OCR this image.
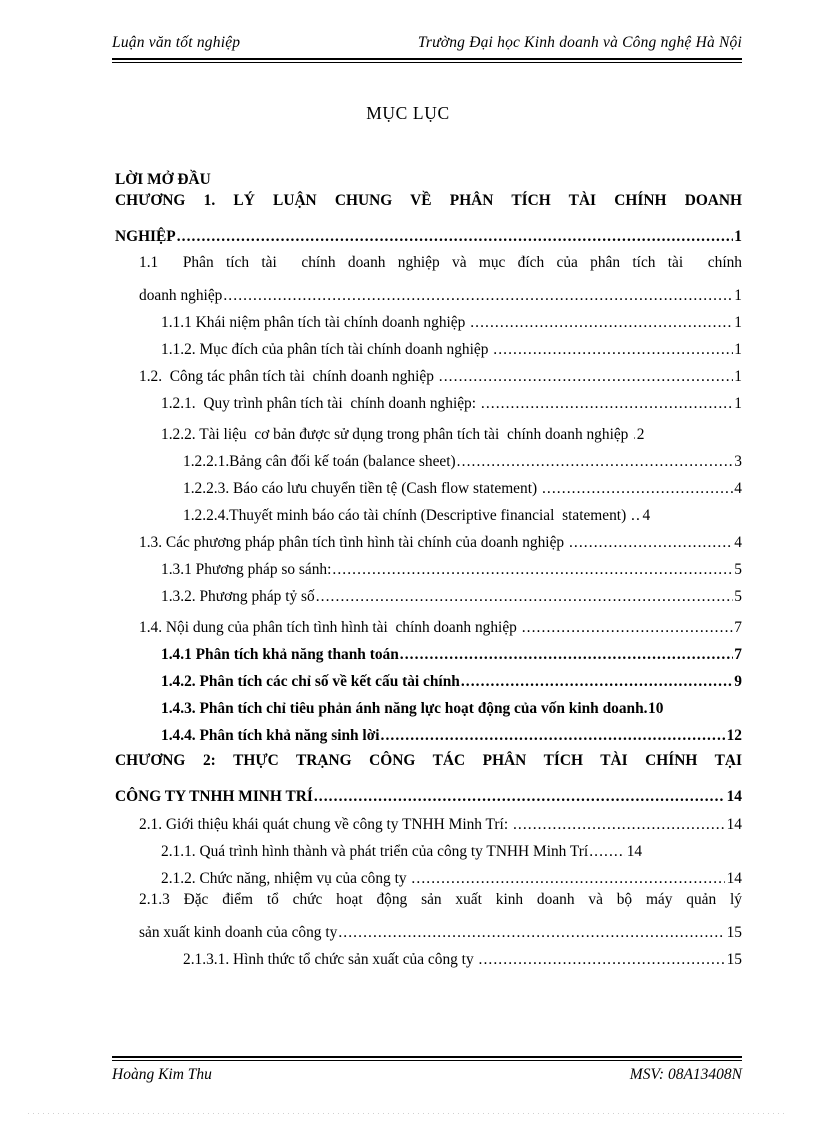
Luận văn tốt nghiệp	Trường Đại học Kinh doanh và Công nghệ Hà Nội
MỤC LỤC
LỜI MỞ ĐẦU
CHƯƠNG 1. LÝ LUẬN CHUNG VỀ PHÂN TÍCH TÀI CHÍNH DOANH
NGHIỆP .....	1
1.1  Phân tích tài  chính doanh nghiệp và mục đích của phân tích tài  chính
doanh nghiệp .....	1
1.1.1 Khái niệm phân tích tài chính doanh nghiệp .....	1
1.1.2. Mục đích của phân tích tài chính doanh nghiệp .....	1
1.2.  Công tác phân tích tài  chính doanh nghiệp .....	1
1.2.1.  Quy trình phân tích tài  chính doanh nghiệp: .....	1
1.2.2. Tài liệu  cơ bản được sử dụng trong phân tích tài  chính doanh nghiệp ..... 2
1.2.2.1.Bảng cân đối kế toán (balance sheet) .....	3
1.2.2.3. Báo cáo lưu chuyển tiền tệ (Cash flow statement) .....	4
1.2.2.4.Thuyết minh báo cáo tài chính (Descriptive financial  statement) ..... 4
1.3. Các phương pháp phân tích tình hình tài chính của doanh nghiệp .....	4
1.3.1 Phương pháp so sánh: .....	5
1.3.2. Phương pháp tỷ số .....	5
1.4. Nội dung của phân tích tình hình tài  chính doanh nghiệp .....	7
1.4.1 Phân tích khả năng thanh toán .....	7
1.4.2. Phân tích các chỉ số về kết cấu tài chính .....	9
1.4.3. Phân tích chỉ tiêu phản ánh năng lực hoạt động của vốn kinh doanh. 10
1.4.4. Phân tích khả năng sinh lời .....	12
CHƯƠNG 2: THỰC TRẠNG CÔNG TÁC PHÂN TÍCH TÀI CHÍNH TẠI
CÔNG TY TNHH MINH TRÍ .....	14
2.1. Giới thiệu khái quát chung về công ty TNHH Minh Trí: .....	14
2.1.1. Quá trình hình thành và phát triển của công ty TNHH Minh Trí .....	14
2.1.2. Chức năng, nhiệm vụ của công ty .....	14
2.1.3 Đặc điểm tổ chức hoạt động sản xuất kinh doanh và bộ máy quản lý
sản xuất kinh doanh của công ty .....	15
2.1.3.1. Hình thức tổ chức sản xuất của công ty .....	15
Hoàng Kim Thu	MSV: 08A13408N
